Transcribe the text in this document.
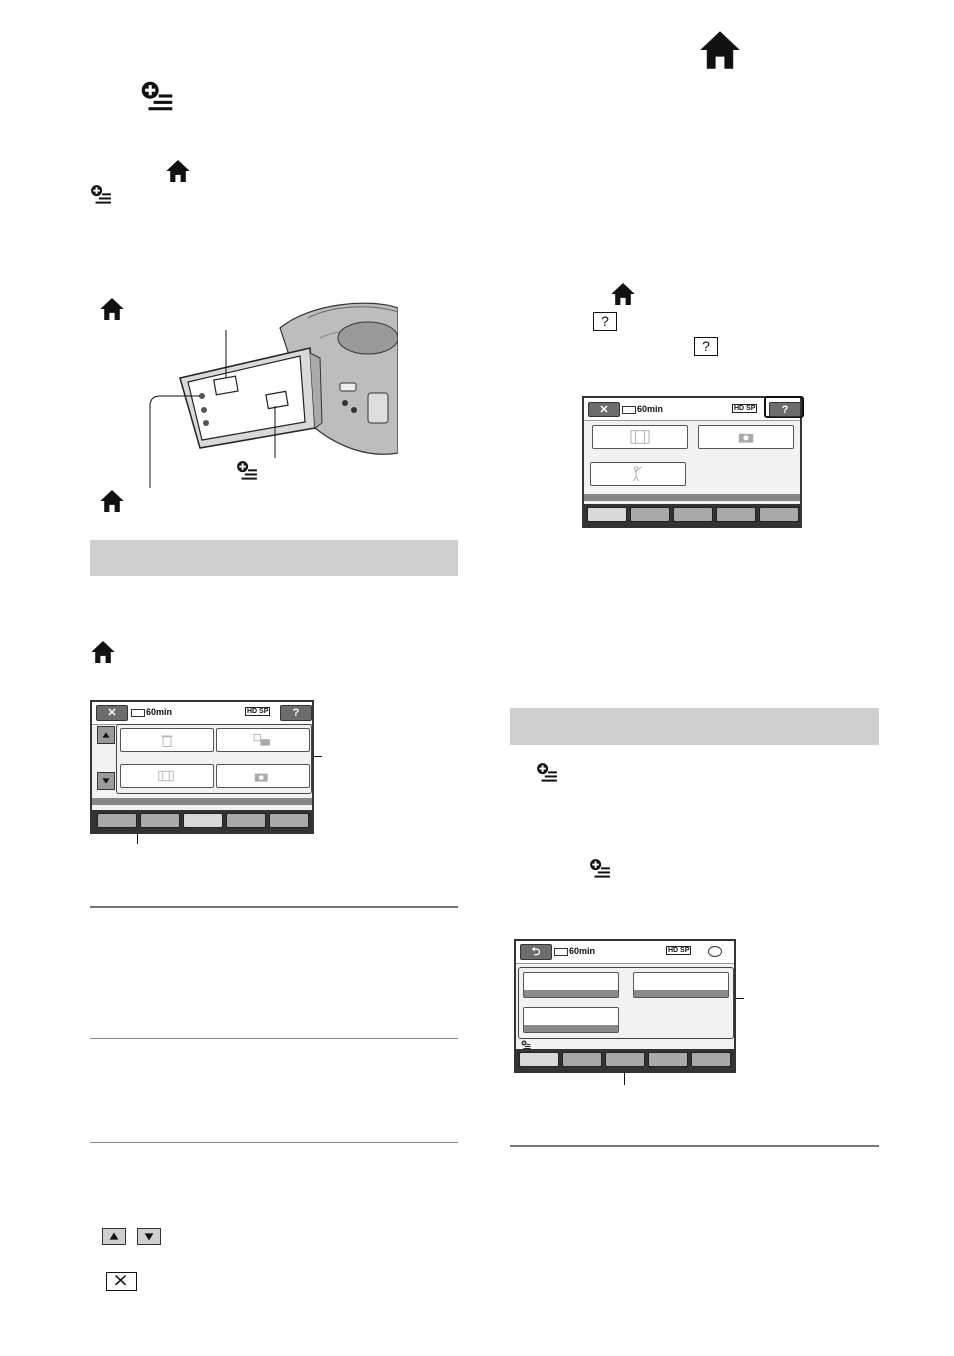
✕	60min	HD SP	?
?
?
✕	60min	HD SP	?
⮌	60min	HD SP
